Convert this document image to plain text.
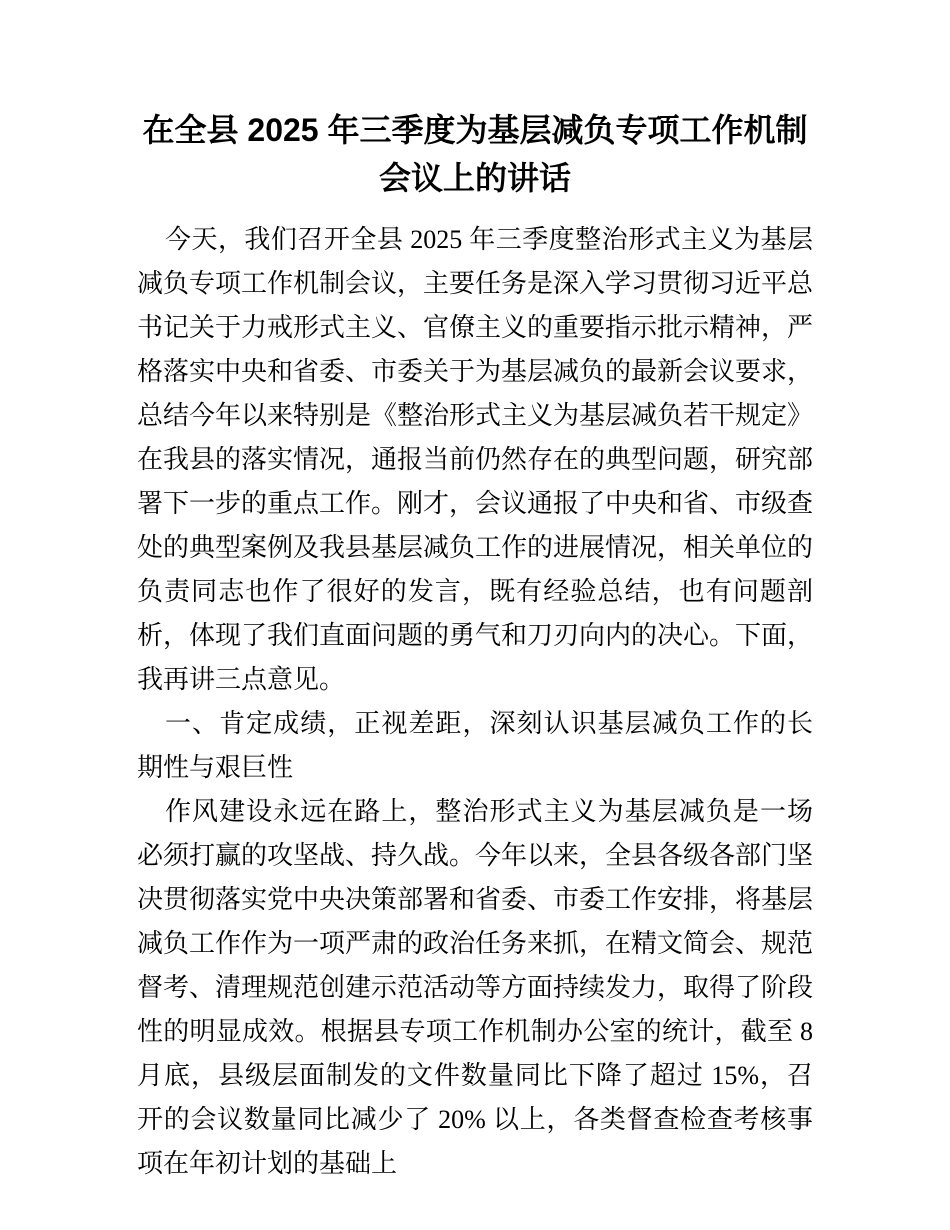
在全县 2025 年三季度为基层减负专项工作机制
会议上的讲话

今天，我们召开全县 2025 年三季度整治形式主义为基层减负专项工作机制会议，主要任务是深入学习贯彻习近平总书记关于力戒形式主义、官僚主义的重要指示批示精神，严格落实中央和省委、市委关于为基层减负的最新会议要求，总结今年以来特别是《整治形式主义为基层减负若干规定》在我县的落实情况，通报当前仍然存在的典型问题，研究部署下一步的重点工作。刚才，会议通报了中央和省、市级查处的典型案例及我县基层减负工作的进展情况，相关单位的负责同志也作了很好的发言，既有经验总结，也有问题剖析，体现了我们直面问题的勇气和刀刃向内的决心。下面，我再讲三点意见。

一、肯定成绩，正视差距，深刻认识基层减负工作的长期性与艰巨性

作风建设永远在路上，整治形式主义为基层减负是一场必须打赢的攻坚战、持久战。今年以来，全县各级各部门坚决贯彻落实党中央决策部署和省委、市委工作安排，将基层减负工作作为一项严肃的政治任务来抓，在精文简会、规范督考、清理规范创建示范活动等方面持续发力，取得了阶段性的明显成效。根据县专项工作机制办公室的统计，截至 8 月底，县级层面制发的文件数量同比下降了超过 15%，召开的会议数量同比减少了 20% 以上，各类督查检查考核事项在年初计划的基础上
